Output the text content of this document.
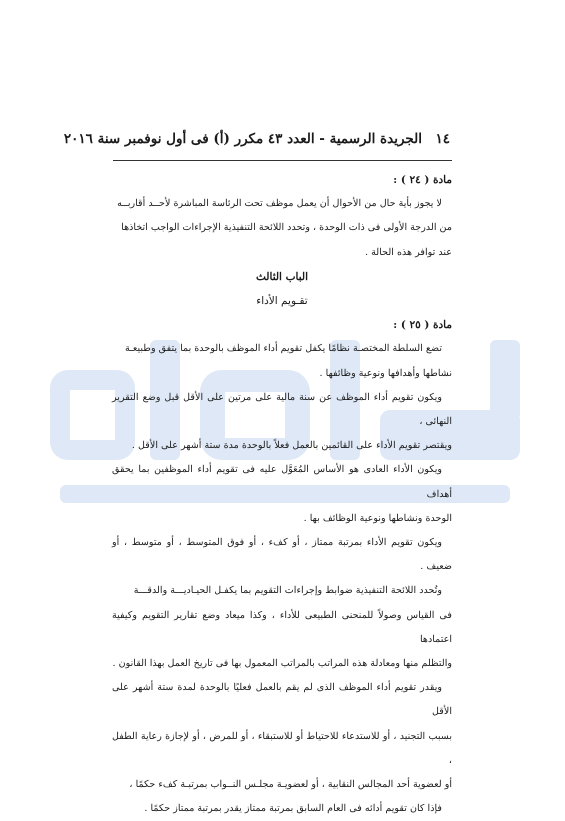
١٤
الجريدة الرسمية - العدد ٤٣ مكرر (أ) فى أول نوفمبر سنة ٢٠١٦

مادة ( ٢٤ ) :

لا يجوز بأية حال من الأحوال أن يعمل موظف تحت الرئاسة المباشرة لأحــد أقاربــه

من الدرجة الأولى فى ذات الوحدة ، وتحدد اللائحة التنفيذية الإجراءات الواجب اتخاذها

عند توافر هذه الحالة .

الباب الثالث

تقـويم الأداء

مادة ( ٢٥ ) :

تضع السلطة المختصـة نظامًا يكفل تقويم أداء الموظف بالوحدة بما يتفق وطبيعـة

نشاطها وأهدافها ونوعية وظائفها .

ويكون تقويم أداء الموظف عن سنة مالية على مرتين على الأقل قبل وضع التقرير النهائى ،

ويقتصر تقويم الأداء على القائمين بالعمل فعلاً بالوحدة مدة ستة أشهر على الأقل .

ويكون الأداء العادى هو الأساس المُعَوَّل عليه فى تقويم أداء الموظفين بما يحقق أهداف

الوحدة ونشاطها ونوعية الوظائف بها .

ويكون تقويم الأداء بمرتبة ممتاز ، أو كفء ، أو فوق المتوسط ، أو متوسط ، أو ضعيف .

وتُحدد اللائحة التنفيذية ضوابط وإجراءات التقويم بما يكفـل الحيـاديـــة والدقـــة

فى القياس وصولاً للمنحنى الطبيعى للأداء ، وكذا ميعاد وضع تقارير التقويم وكيفية اعتمادها

والتظلم منها ومعادلة هذه المراتب بالمراتب المعمول بها فى تاريخ العمل بهذا القانون .

ويقدر تقويم أداء الموظف الذى لم يقم بالعمل فعليًا بالوحدة لمدة ستة أشهر على الأقل

بسبب التجنيد ، أو للاستدعاء للاحتياط أو للاستبقاء ، أو للمرض ، أو لإجازة رعاية الطفل ،

أو لعضوية أحد المجالس النقابية ، أو لعضويـة مجلـس النــواب بمرتبـة كفء حكمًا ،

فإذا كان تقويم أدائه فى العام السابق بمرتبة ممتاز يقدر بمرتبة ممتاز حكمًا .
